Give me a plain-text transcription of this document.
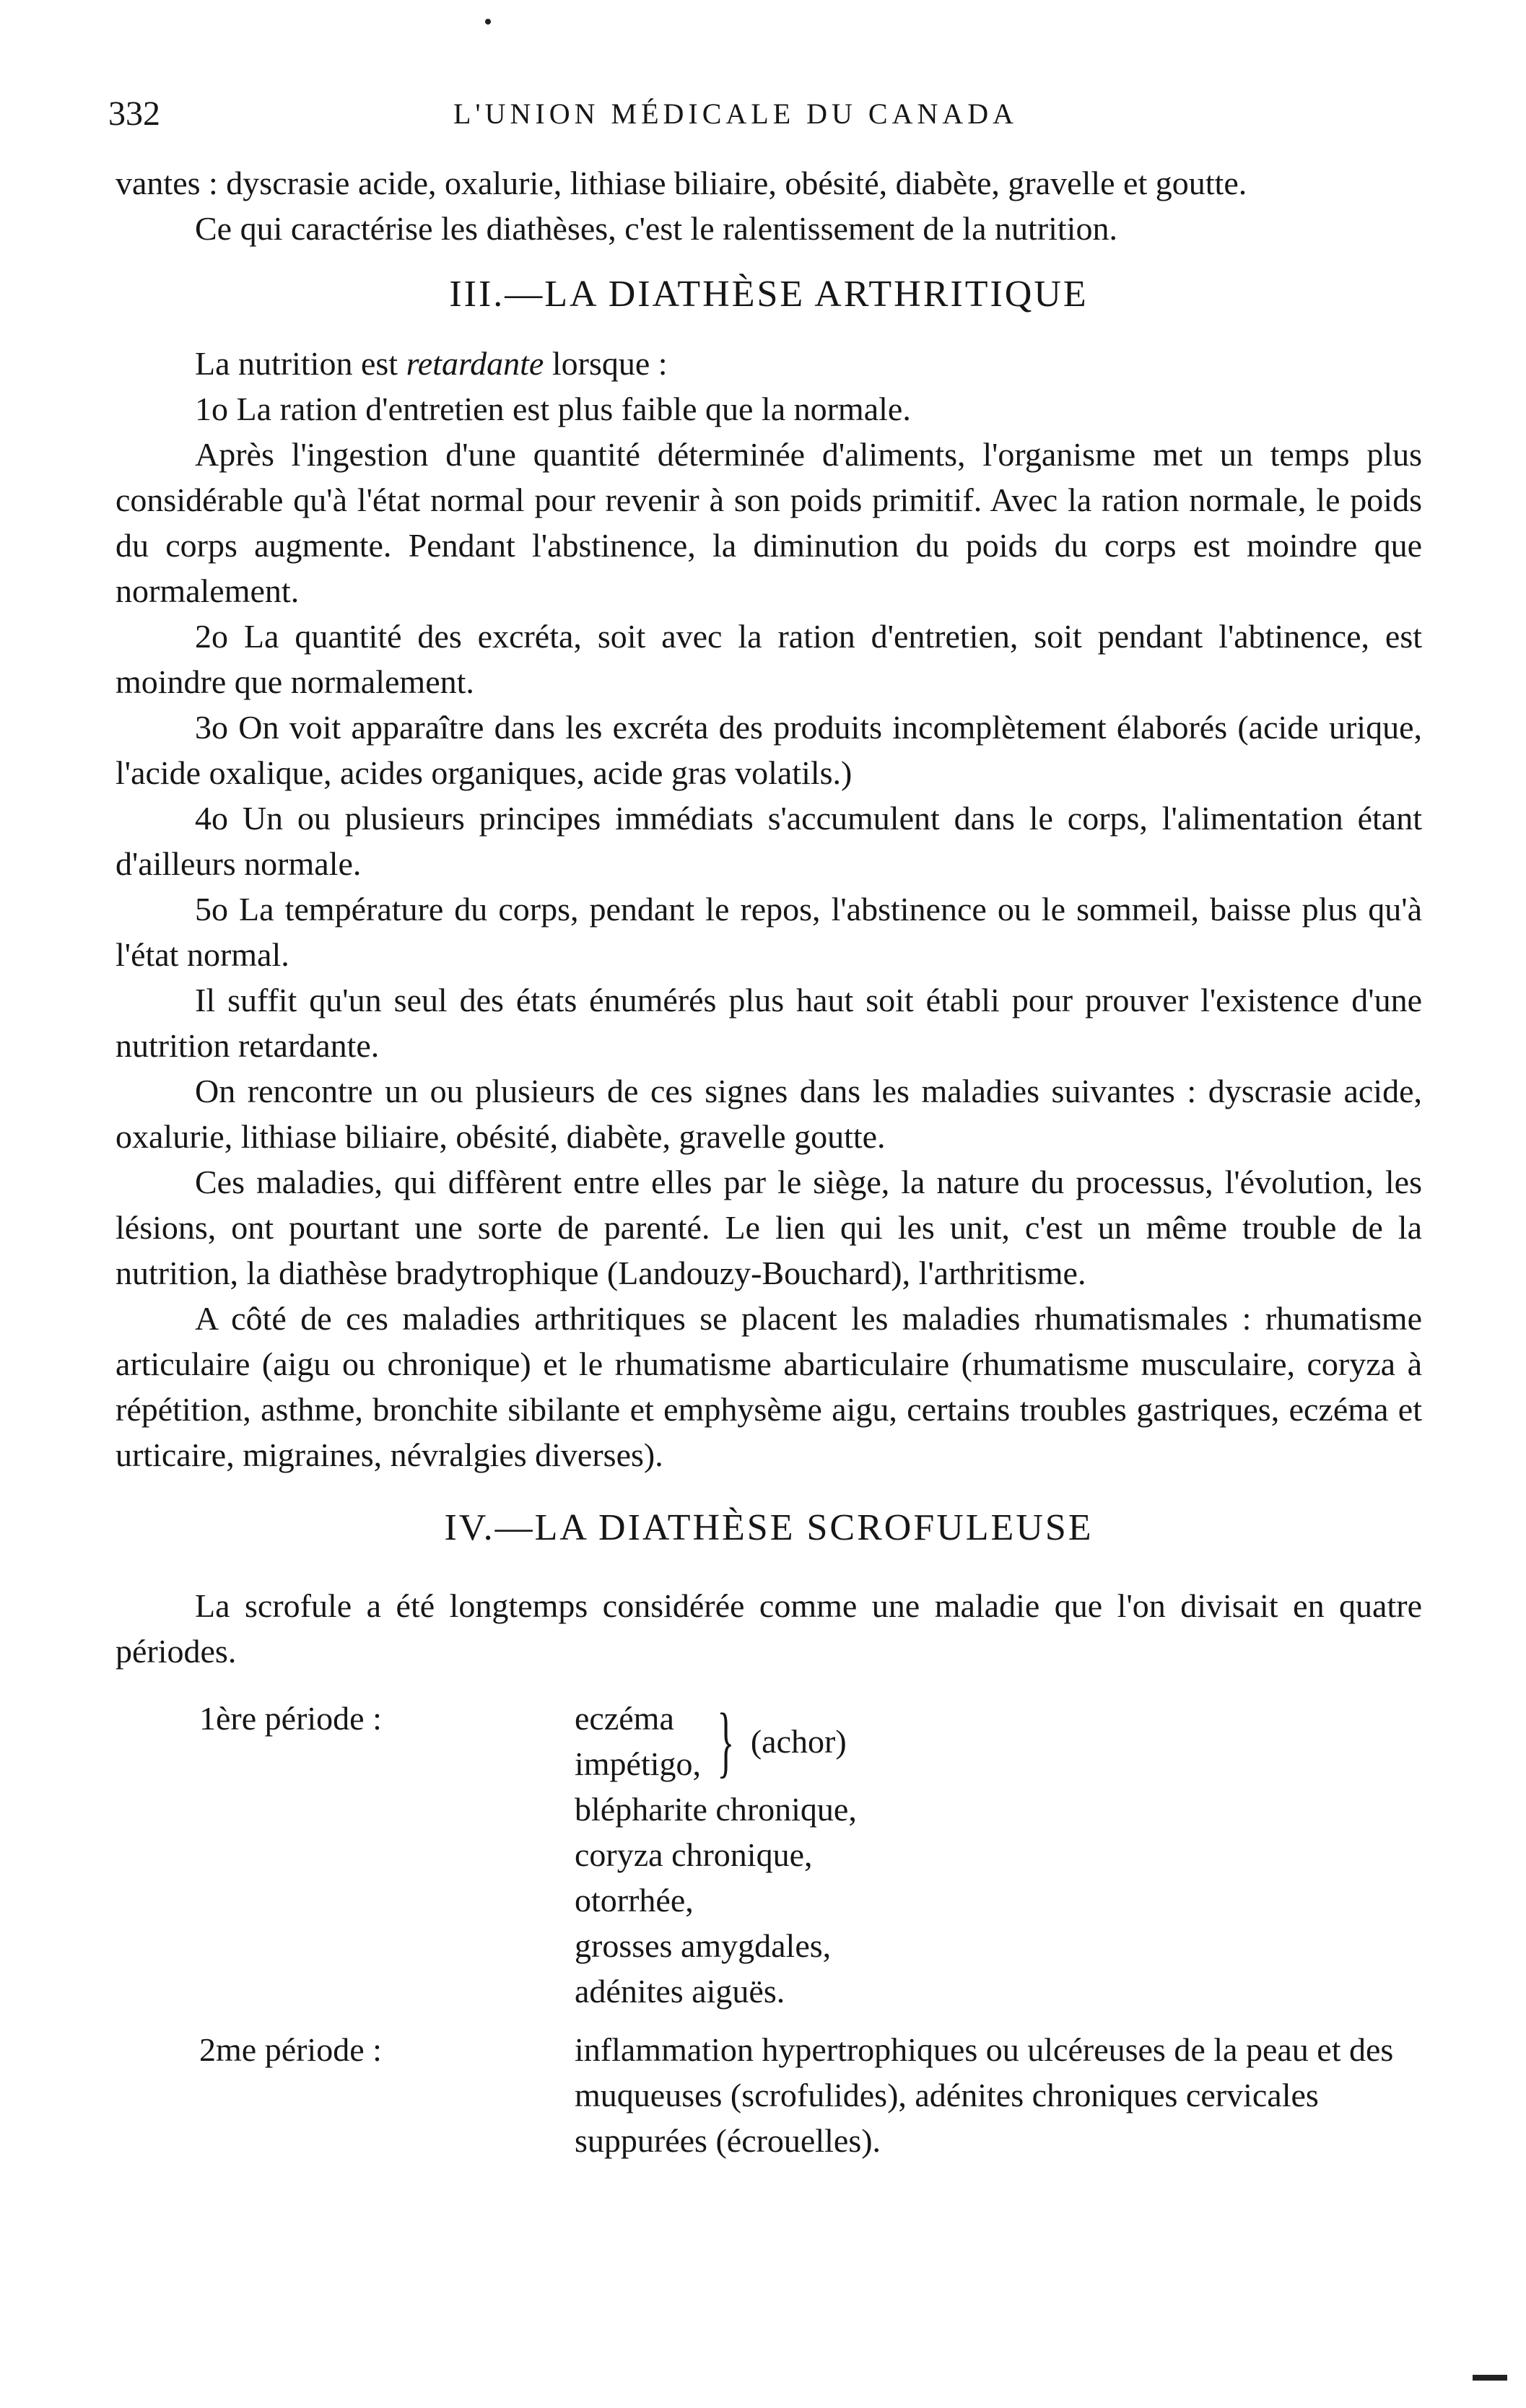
332	L'UNION MÉDICALE DU CANADA

vantes : dyscrasie acide, oxalurie, lithiase biliaire, obésité, diabète, gravelle et goutte.

Ce qui caractérise les diathèses, c'est le ralentissement de la nutrition.

III.—LA DIATHÈSE ARTHRITIQUE

La nutrition est retardante lorsque :

1o La ration d'entretien est plus faible que la normale.

Après l'ingestion d'une quantité déterminée d'aliments, l'organisme met un temps plus considérable qu'à l'état normal pour revenir à son poids primitif. Avec la ration normale, le poids du corps augmente. Pendant l'abstinence, la diminution du poids du corps est moindre que normalement.

2o La quantité des excréta, soit avec la ration d'entretien, soit pendant l'abtinence, est moindre que normalement.

3o On voit apparaître dans les excréta des produits incomplètement élaborés (acide urique, l'acide oxalique, acides organiques, acide gras volatils.)

4o Un ou plusieurs principes immédiats s'accumulent dans le corps, l'alimentation étant d'ailleurs normale.

5o La température du corps, pendant le repos, l'abstinence ou le sommeil, baisse plus qu'à l'état normal.

Il suffit qu'un seul des états énumérés plus haut soit établi pour prouver l'existence d'une nutrition retardante.

On rencontre un ou plusieurs de ces signes dans les maladies suivantes : dyscrasie acide, oxalurie, lithiase biliaire, obésité, diabète, gravelle goutte.

Ces maladies, qui diffèrent entre elles par le siège, la nature du processus, l'évolution, les lésions, ont pourtant une sorte de parenté. Le lien qui les unit, c'est un même trouble de la nutrition, la diathèse bradytrophique (Landouzy-Bouchard), l'arthritisme.

A côté de ces maladies arthritiques se placent les maladies rhumatismales : rhumatisme articulaire (aigu ou chronique) et le rhumatisme abarticulaire (rhumatisme musculaire, coryza à répétition, asthme, bronchite sibilante et emphysème aigu, certains troubles gastriques, eczéma et urticaire, migraines, névralgies diverses).

IV.—LA DIATHÈSE SCROFULEUSE

La scrofule a été longtemps considérée comme une maladie que l'on divisait en quatre périodes.

1ère période :	eczéma
impétigo, } (achor)
blépharite chronique,
coryza chronique,
otorrhée,
grosses amygdales,
adénites aiguës.
2me période :	inflammation hypertrophiques ou ulcéreuses de la peau et des muqueuses (scrofulides), adénites chroniques cervicales suppurées (écrouelles).
